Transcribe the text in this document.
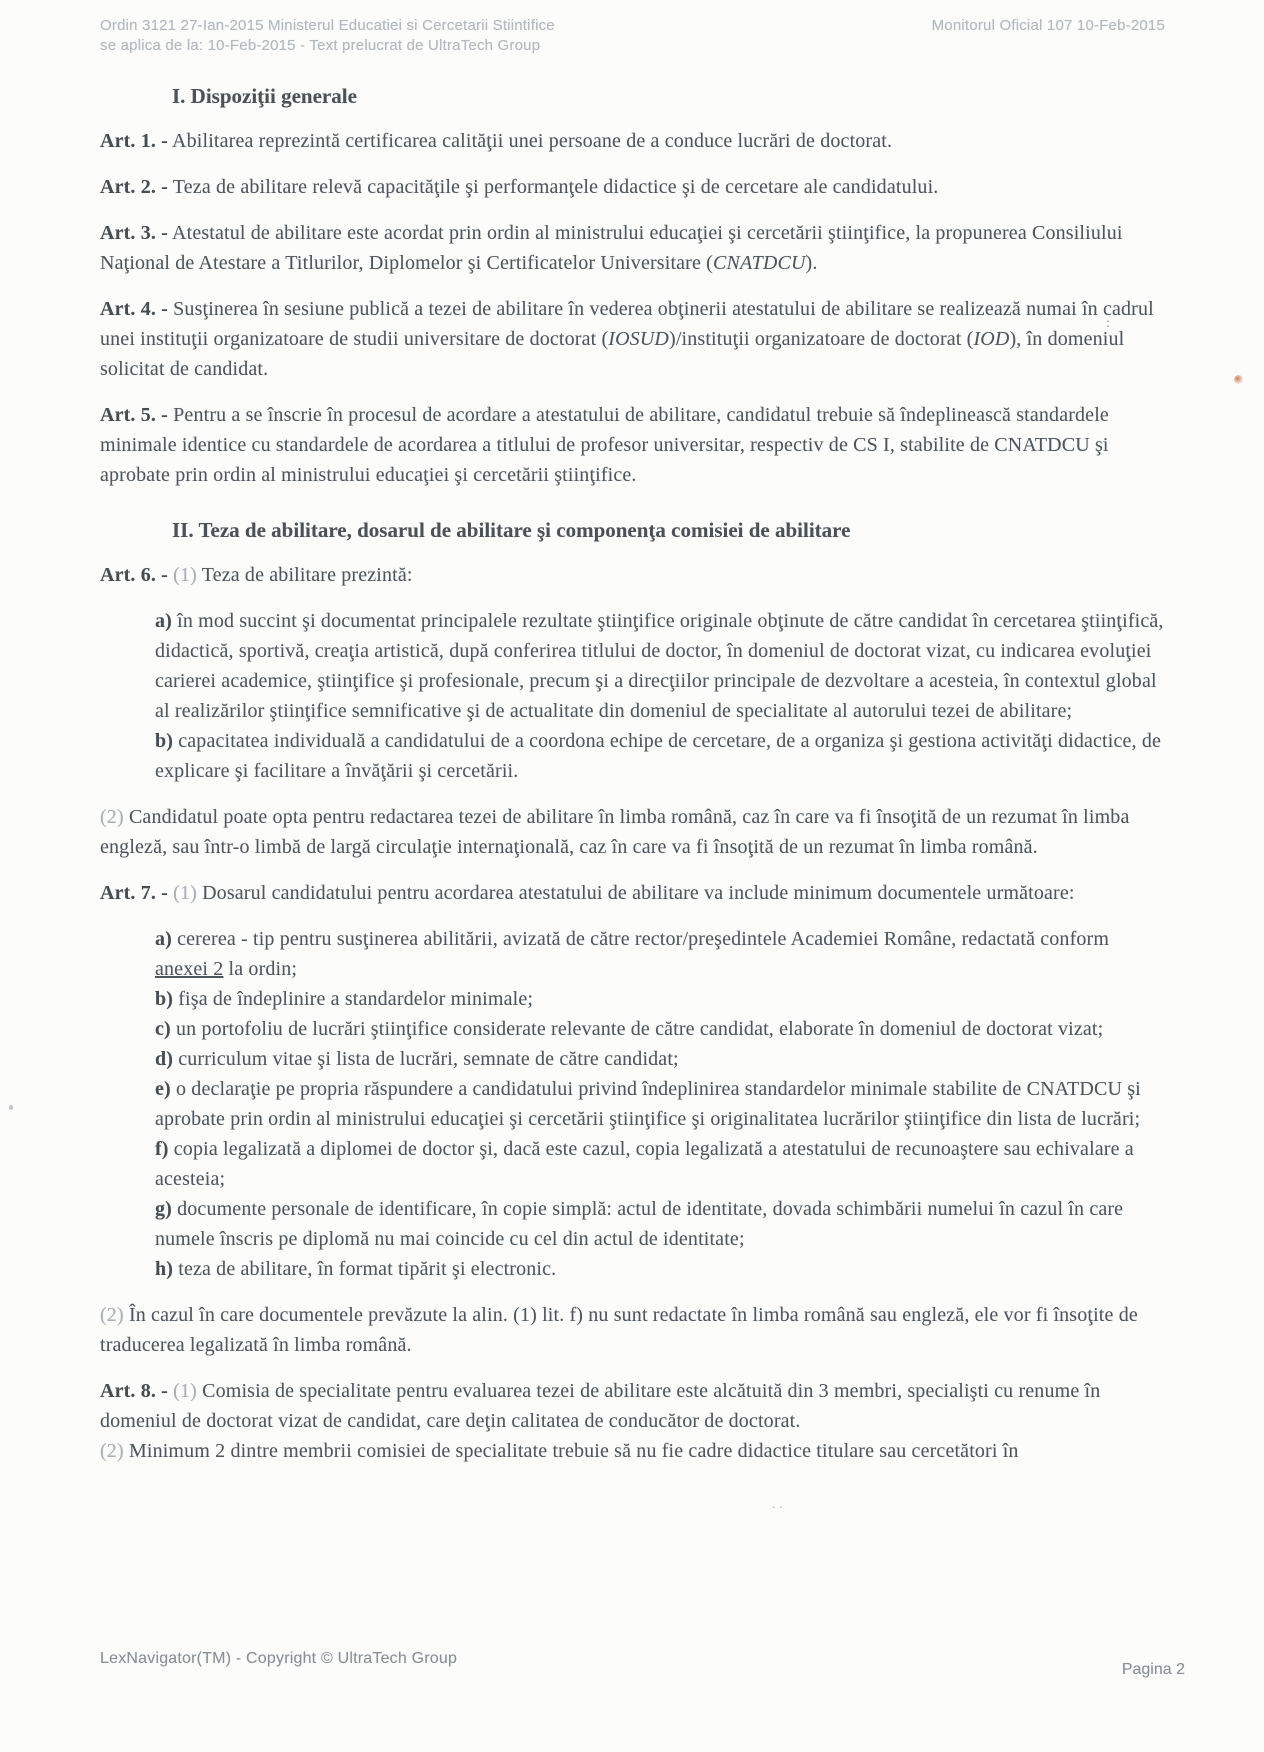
Ordin 3121 27-Ian-2015 Ministerul Educatiei si Cercetarii Stiintifice
se aplica de la: 10-Feb-2015 - Text prelucrat de UltraTech Group
Monitorul Oficial 107 10-Feb-2015
I. Dispoziţii generale

Art. 1. - Abilitarea reprezintă certificarea calităţii unei persoane de a conduce lucrări de doctorat.

Art. 2. - Teza de abilitare relevă capacităţile şi performanţele didactice şi de cercetare ale candidatului.

Art. 3. - Atestatul de abilitare este acordat prin ordin al ministrului educaţiei şi cercetării ştiinţifice, la propunerea Consiliului Naţional de Atestare a Titlurilor, Diplomelor şi Certificatelor Universitare (CNATDCU).

Art. 4. - Susţinerea în sesiune publică a tezei de abilitare în vederea obţinerii atestatului de abilitare se realizează numai în cadrul unei instituţii organizatoare de studii universitare de doctorat (IOSUD)/instituţii organizatoare de doctorat (IOD), în domeniul solicitat de candidat.

Art. 5. - Pentru a se înscrie în procesul de acordare a atestatului de abilitare, candidatul trebuie să îndeplinească standardele minimale identice cu standardele de acordarea a titlului de profesor universitar, respectiv de CS I, stabilite de CNATDCU şi aprobate prin ordin al ministrului educaţiei şi cercetării ştiinţifice.

II. Teza de abilitare, dosarul de abilitare şi componenţa comisiei de abilitare

Art. 6. - (1) Teza de abilitare prezintă:

a) în mod succint şi documentat principalele rezultate ştiinţifice originale obţinute de către candidat în cercetarea ştiinţifică, didactică, sportivă, creaţia artistică, după conferirea titlului de doctor, în domeniul de doctorat vizat, cu indicarea evoluţiei carierei academice, ştiinţifice şi profesionale, precum şi a direcţiilor principale de dezvoltare a acesteia, în contextul global al realizărilor ştiinţifice semnificative şi de actualitate din domeniul de specialitate al autorului tezei de abilitare;

b) capacitatea individuală a candidatului de a coordona echipe de cercetare, de a organiza şi gestiona activităţi didactice, de explicare şi facilitare a învăţării şi cercetării.

(2) Candidatul poate opta pentru redactarea tezei de abilitare în limba română, caz în care va fi însoţită de un rezumat în limba engleză, sau într-o limbă de largă circulaţie internaţională, caz în care va fi însoţită de un rezumat în limba română.

Art. 7. - (1) Dosarul candidatului pentru acordarea atestatului de abilitare va include minimum documentele următoare:

a) cererea - tip pentru susţinerea abilitării, avizată de către rector/preşedintele Academiei Române, redactată conform anexei 2 la ordin;

b) fişa de îndeplinire a standardelor minimale;

c) un portofoliu de lucrări ştiinţifice considerate relevante de către candidat, elaborate în domeniul de doctorat vizat;

d) curriculum vitae şi lista de lucrări, semnate de către candidat;

e) o declaraţie pe propria răspundere a candidatului privind îndeplinirea standardelor minimale stabilite de CNATDCU şi aprobate prin ordin al ministrului educaţiei şi cercetării ştiinţifice şi originalitatea lucrărilor ştiinţifice din lista de lucrări;

f) copia legalizată a diplomei de doctor şi, dacă este cazul, copia legalizată a atestatului de recunoaştere sau echivalare a acesteia;

g) documente personale de identificare, în copie simplă: actul de identitate, dovada schimbării numelui în cazul în care numele înscris pe diplomă nu mai coincide cu cel din actul de identitate;

h) teza de abilitare, în format tipărit şi electronic.

(2) În cazul în care documentele prevăzute la alin. (1) lit. f) nu sunt redactate în limba română sau engleză, ele vor fi însoţite de traducerea legalizată în limba română.

Art. 8. - (1) Comisia de specialitate pentru evaluarea tezei de abilitare este alcătuită din 3 membri, specialişti cu renume în domeniul de doctorat vizat de candidat, care deţin calitatea de conducător de doctorat.

(2) Minimum 2 dintre membrii comisiei de specialitate trebuie să nu fie cadre didactice titulare sau cercetători în

LexNavigator(TM) - Copyright © UltraTech Group
Pagina 2
:
..
